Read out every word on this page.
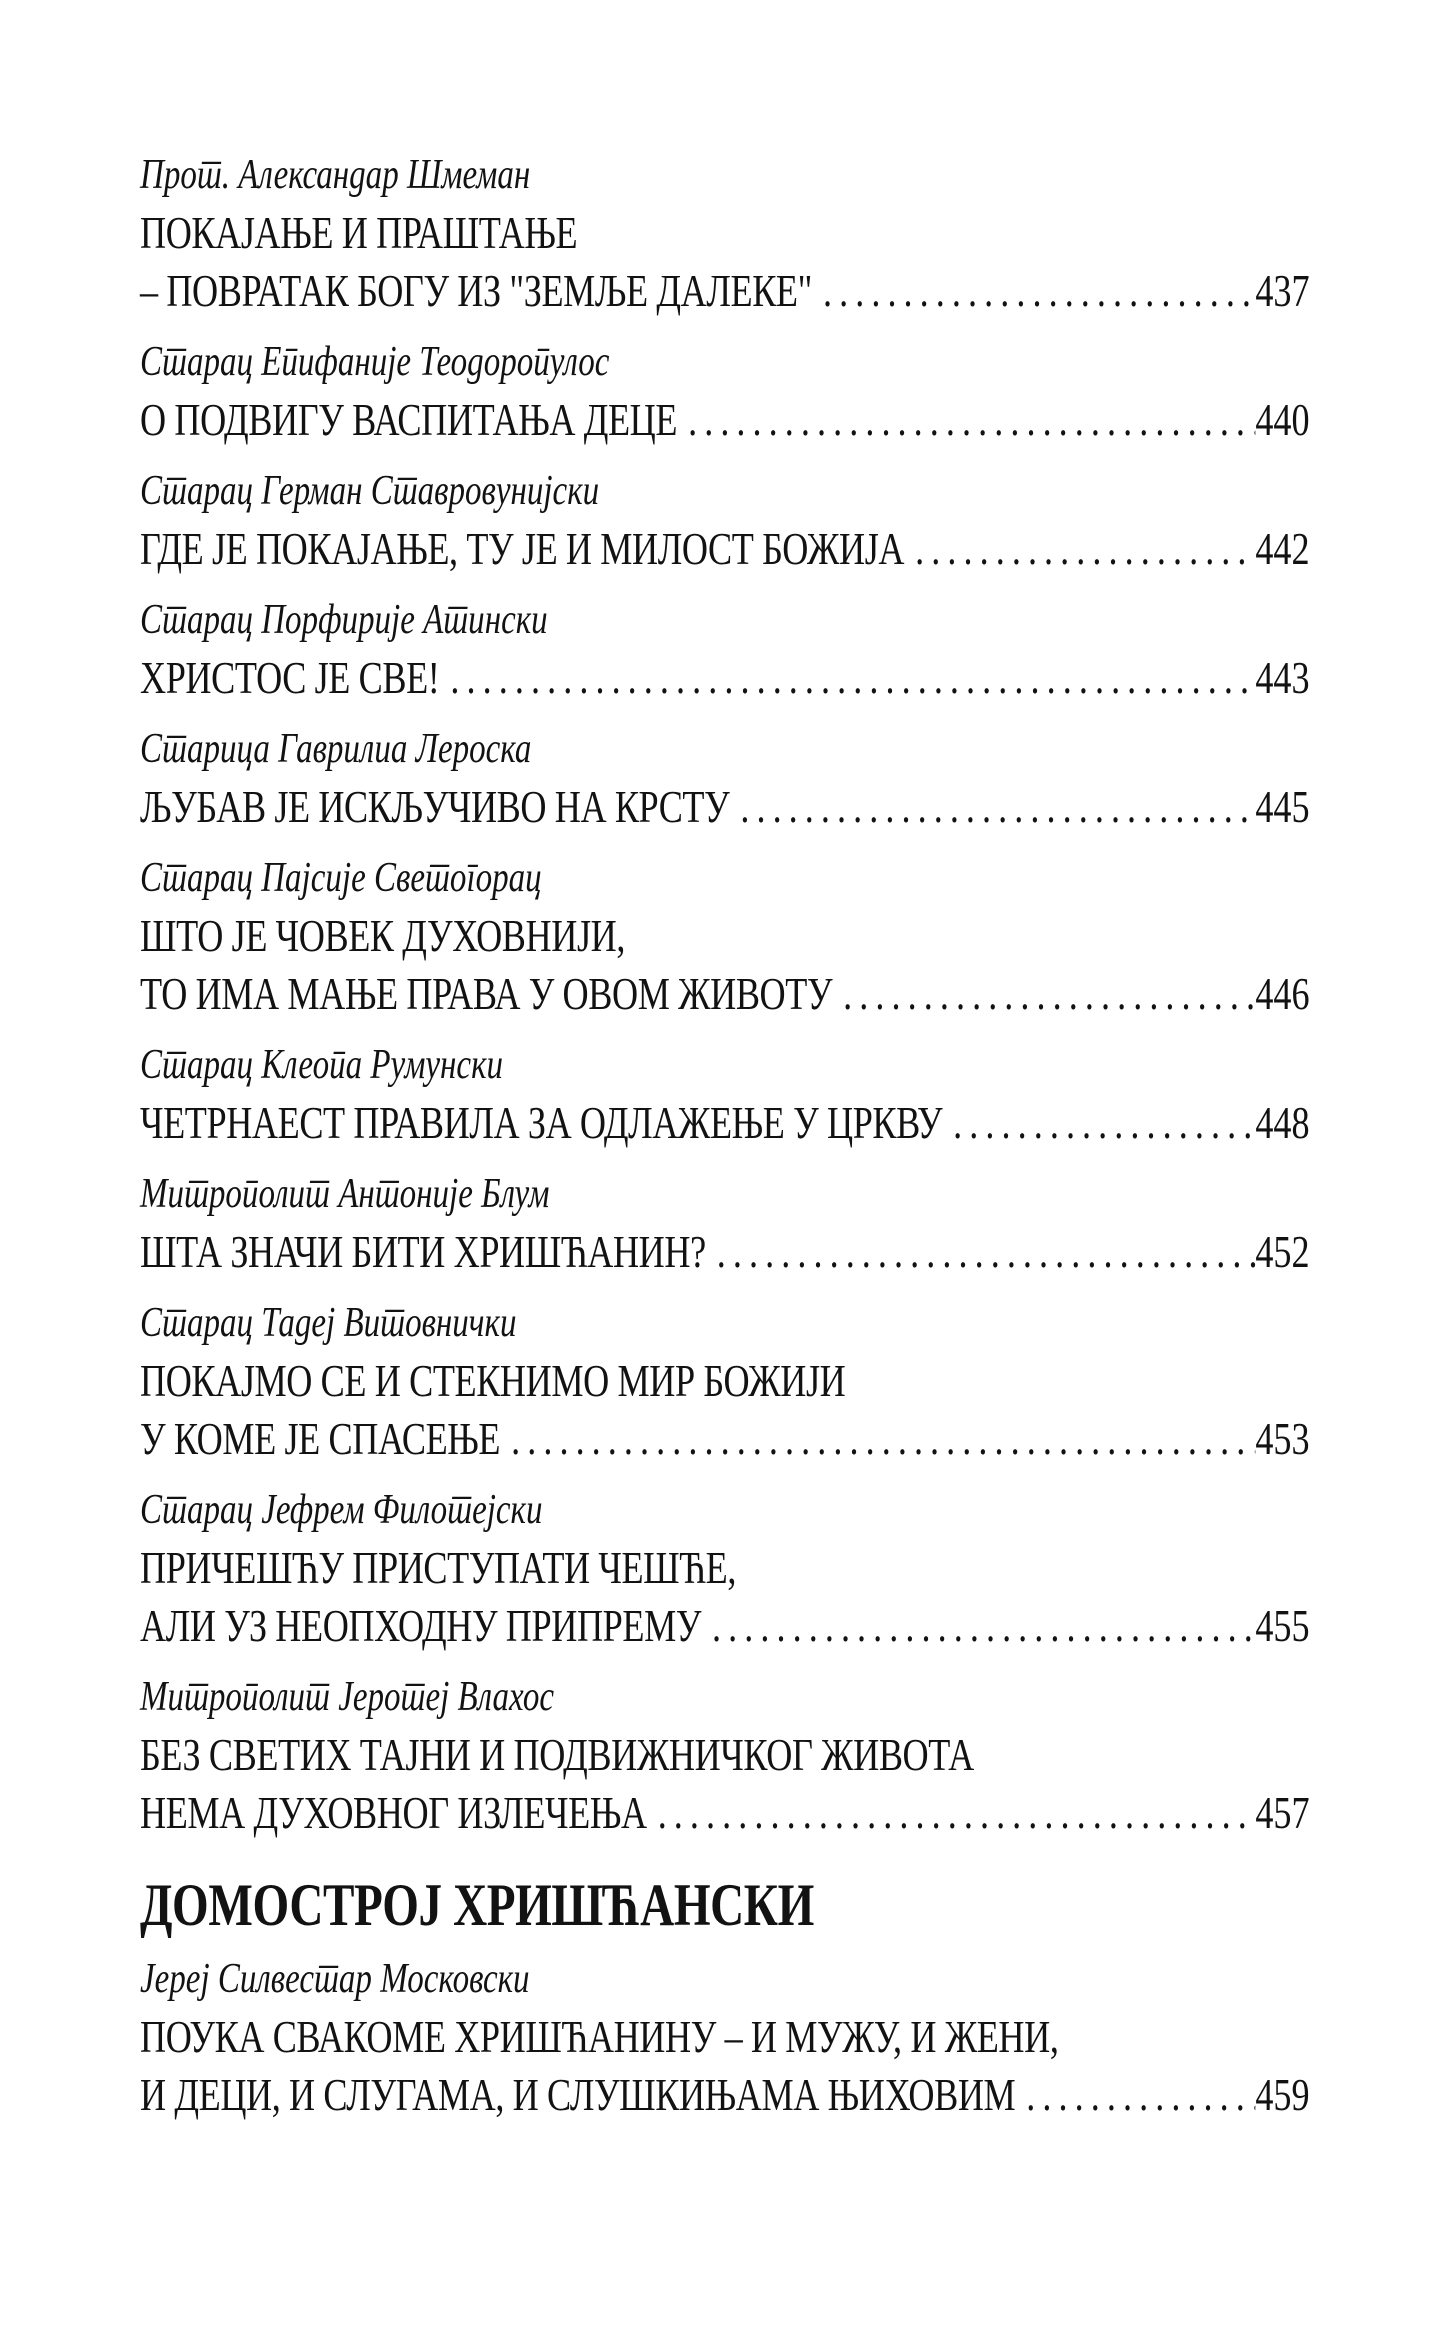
Прот. Александар Шмеман
ПОКАЈАЊЕ И ПРАШТАЊЕ
– ПОВРАТАК БОГУ ИЗ "ЗЕМЉЕ ДАЛЕКЕ" .....	437
Старац Епифаније Теодоропулос
О ПОДВИГУ ВАСПИТАЊА ДЕЦЕ .....	440
Старац Герман Ставровунијски
ГДЕ ЈЕ ПОКАЈАЊЕ, ТУ ЈЕ И МИЛОСТ БОЖИЈА .....	442
Старац Порфирије Атински
ХРИСТОС ЈЕ СВЕ! .....	443
Старица Гаврилиа Лероска
ЉУБАВ ЈЕ ИСКЉУЧИВО НА КРСТУ .....	445
Старац Пајсије Светогорац
ШТО ЈЕ ЧОВЕК ДУХОВНИЈИ,
ТО ИМА МАЊЕ ПРАВА У ОВОМ ЖИВОТУ .....	446
Старац Клеопа Румунски
ЧЕТРНАЕСТ ПРАВИЛА ЗА ОДЛАЖЕЊЕ У ЦРКВУ .....	448
Митрополит Антоније Блум
ШТА ЗНАЧИ БИТИ ХРИШЋАНИН? .....	452
Старац Тадеј Витовнички
ПОКАЈМО СЕ И СТЕКНИМО МИР БОЖИЈИ
У КОМЕ ЈЕ СПАСЕЊЕ .....	453
Старац Јефрем Филотејски
ПРИЧЕШЋУ ПРИСТУПАТИ ЧЕШЋЕ,
АЛИ УЗ НЕОПХОДНУ ПРИПРЕМУ .....	455
Митрополит Јеротеј Влахос
БЕЗ СВЕТИХ ТАЈНИ И ПОДВИЖНИЧКОГ ЖИВОТА
НЕМА ДУХОВНОГ ИЗЛЕЧЕЊА .....	457
ДОМОСТРОЈ ХРИШЋАНСКИ
Јереј Силвестар Московски
ПОУКА СВАКОМЕ ХРИШЋАНИНУ – И МУЖУ, И ЖЕНИ,
И ДЕЦИ, И СЛУГАМА, И СЛУШКИЊАМА ЊИХОВИМ .....	459
